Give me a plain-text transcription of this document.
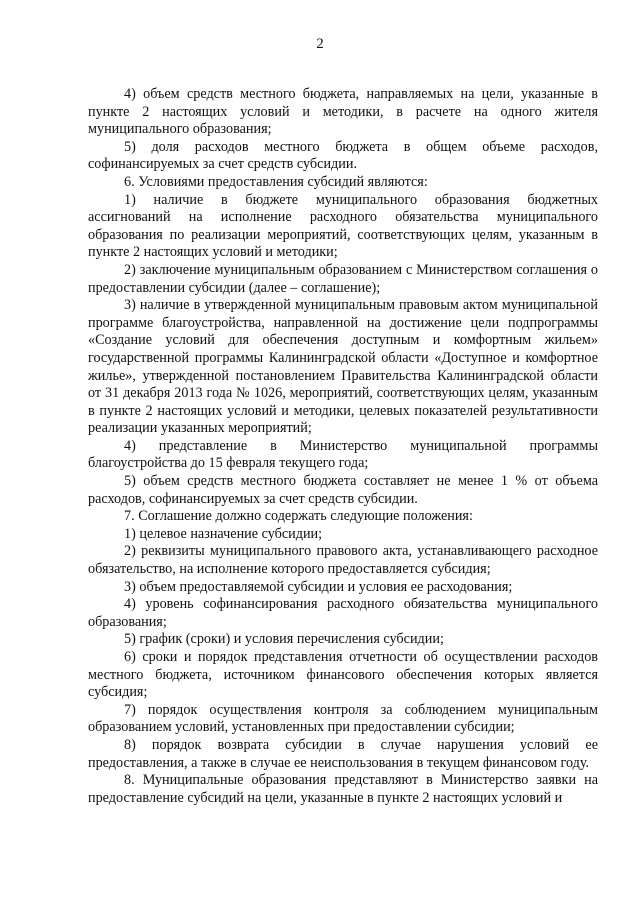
2

4) объем средств местного бюджета, направляемых на цели, указанные в пункте 2 настоящих условий и методики, в расчете на одного жителя муниципального образования;

5) доля расходов местного бюджета в общем объеме расходов, софинансируемых за счет средств субсидии.

6. Условиями предоставления субсидий являются:

1) наличие в бюджете муниципального образования бюджетных ассигнований на исполнение расходного обязательства муниципального образования по реализации мероприятий, соответствующих целям, указанным в пункте 2 настоящих условий и методики;

2) заключение муниципальным образованием с Министерством соглашения о предоставлении субсидии (далее – соглашение);

3) наличие в утвержденной муниципальным правовым актом муниципальной программе благоустройства, направленной на достижение цели подпрограммы «Создание условий для обеспечения доступным и комфортным жильем» государственной программы Калининградской области «Доступное и комфортное жилье», утвержденной постановлением Правительства Калининградской области от 31 декабря 2013 года № 1026, мероприятий, соответствующих целям, указанным в пункте 2 настоящих условий и методики, целевых показателей результативности реализации указанных мероприятий;

4) представление в Министерство муниципальной программы благоустройства до 15 февраля текущего года;

5) объем средств местного бюджета составляет не менее 1 % от объема расходов, софинансируемых за счет средств субсидии.

7. Соглашение должно содержать следующие положения:

1) целевое назначение субсидии;

2) реквизиты муниципального правового акта, устанавливающего расходное обязательство, на исполнение которого предоставляется субсидия;

3) объем предоставляемой субсидии и условия ее расходования;

4) уровень софинансирования расходного обязательства муниципального образования;

5) график (сроки) и условия перечисления субсидии;

6) сроки и порядок представления отчетности об осуществлении расходов местного бюджета, источником финансового обеспечения которых является субсидия;

7) порядок осуществления контроля за соблюдением муниципальным образованием условий, установленных при предоставлении субсидии;

8) порядок возврата субсидии в случае нарушения условий ее предоставления, а также в случае ее неиспользования в текущем финансовом году.

8. Муниципальные образования представляют в Министерство заявки на предоставление субсидий на цели, указанные в пункте 2 настоящих условий и
